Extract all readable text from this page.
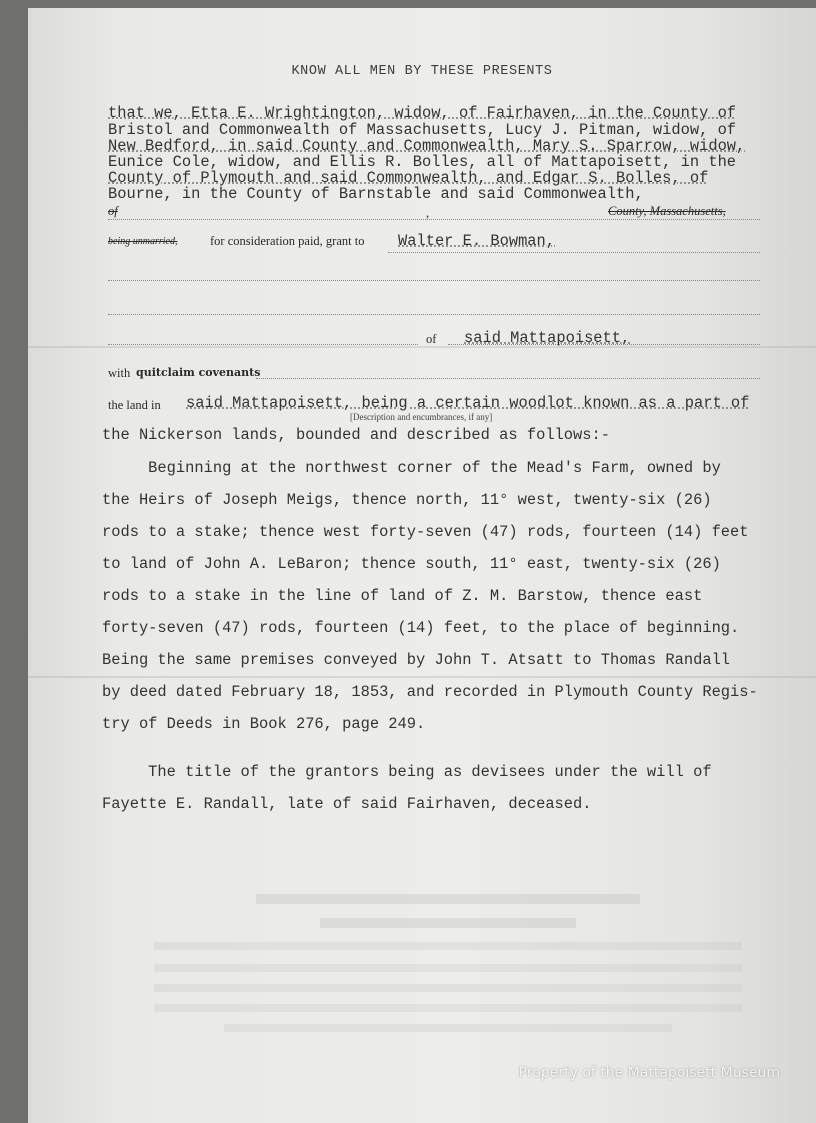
KNOW ALL MEN BY THESE PRESENTS
that we, Etta E. Wrightington, widow, of Fairhaven, in the County of
Bristol and Commonwealth of Massachusetts, Lucy J. Pitman, widow, of
New Bedford, in said County and Commonwealth, Mary S. Sparrow, widow,
Eunice Cole, widow, and Ellis R. Bolles, all of Mattapoisett, in the
County of Plymouth and said Commonwealth, and Edgar S. Bolles, of
Bourne, in the County of Barnstable and said Commonwealth,
of	,	County, Massachusetts,
being unmarried,	for consideration paid, grant to Walter E. Bowman,
of said Mattapoisett,
with quitclaim covenants
the land in said Mattapoisett, being a certain woodlot known as a part of
[Description and encumbrances, if any]
the Nickerson lands, bounded and described as follows:-
Beginning at the northwest corner of the Mead's Farm, owned by
the Heirs of Joseph Meigs, thence north, 11° west, twenty-six (26)
rods to a stake; thence west forty-seven (47) rods, fourteen (14) feet
to land of John A. LeBaron; thence south, 11° east, twenty-six (26)
rods to a stake in the line of land of Z. M. Barstow, thence east
forty-seven (47) rods, fourteen (14) feet, to the place of beginning.
Being the same premises conveyed by John T. Atsatt to Thomas Randall
by deed dated February 18, 1853, and recorded in Plymouth County Regis-
try of Deeds in Book 276, page 249.
The title of the grantors being as devisees under the will of
Fayette E. Randall, late of said Fairhaven, deceased.
Property of the Mattapoisett Museum
